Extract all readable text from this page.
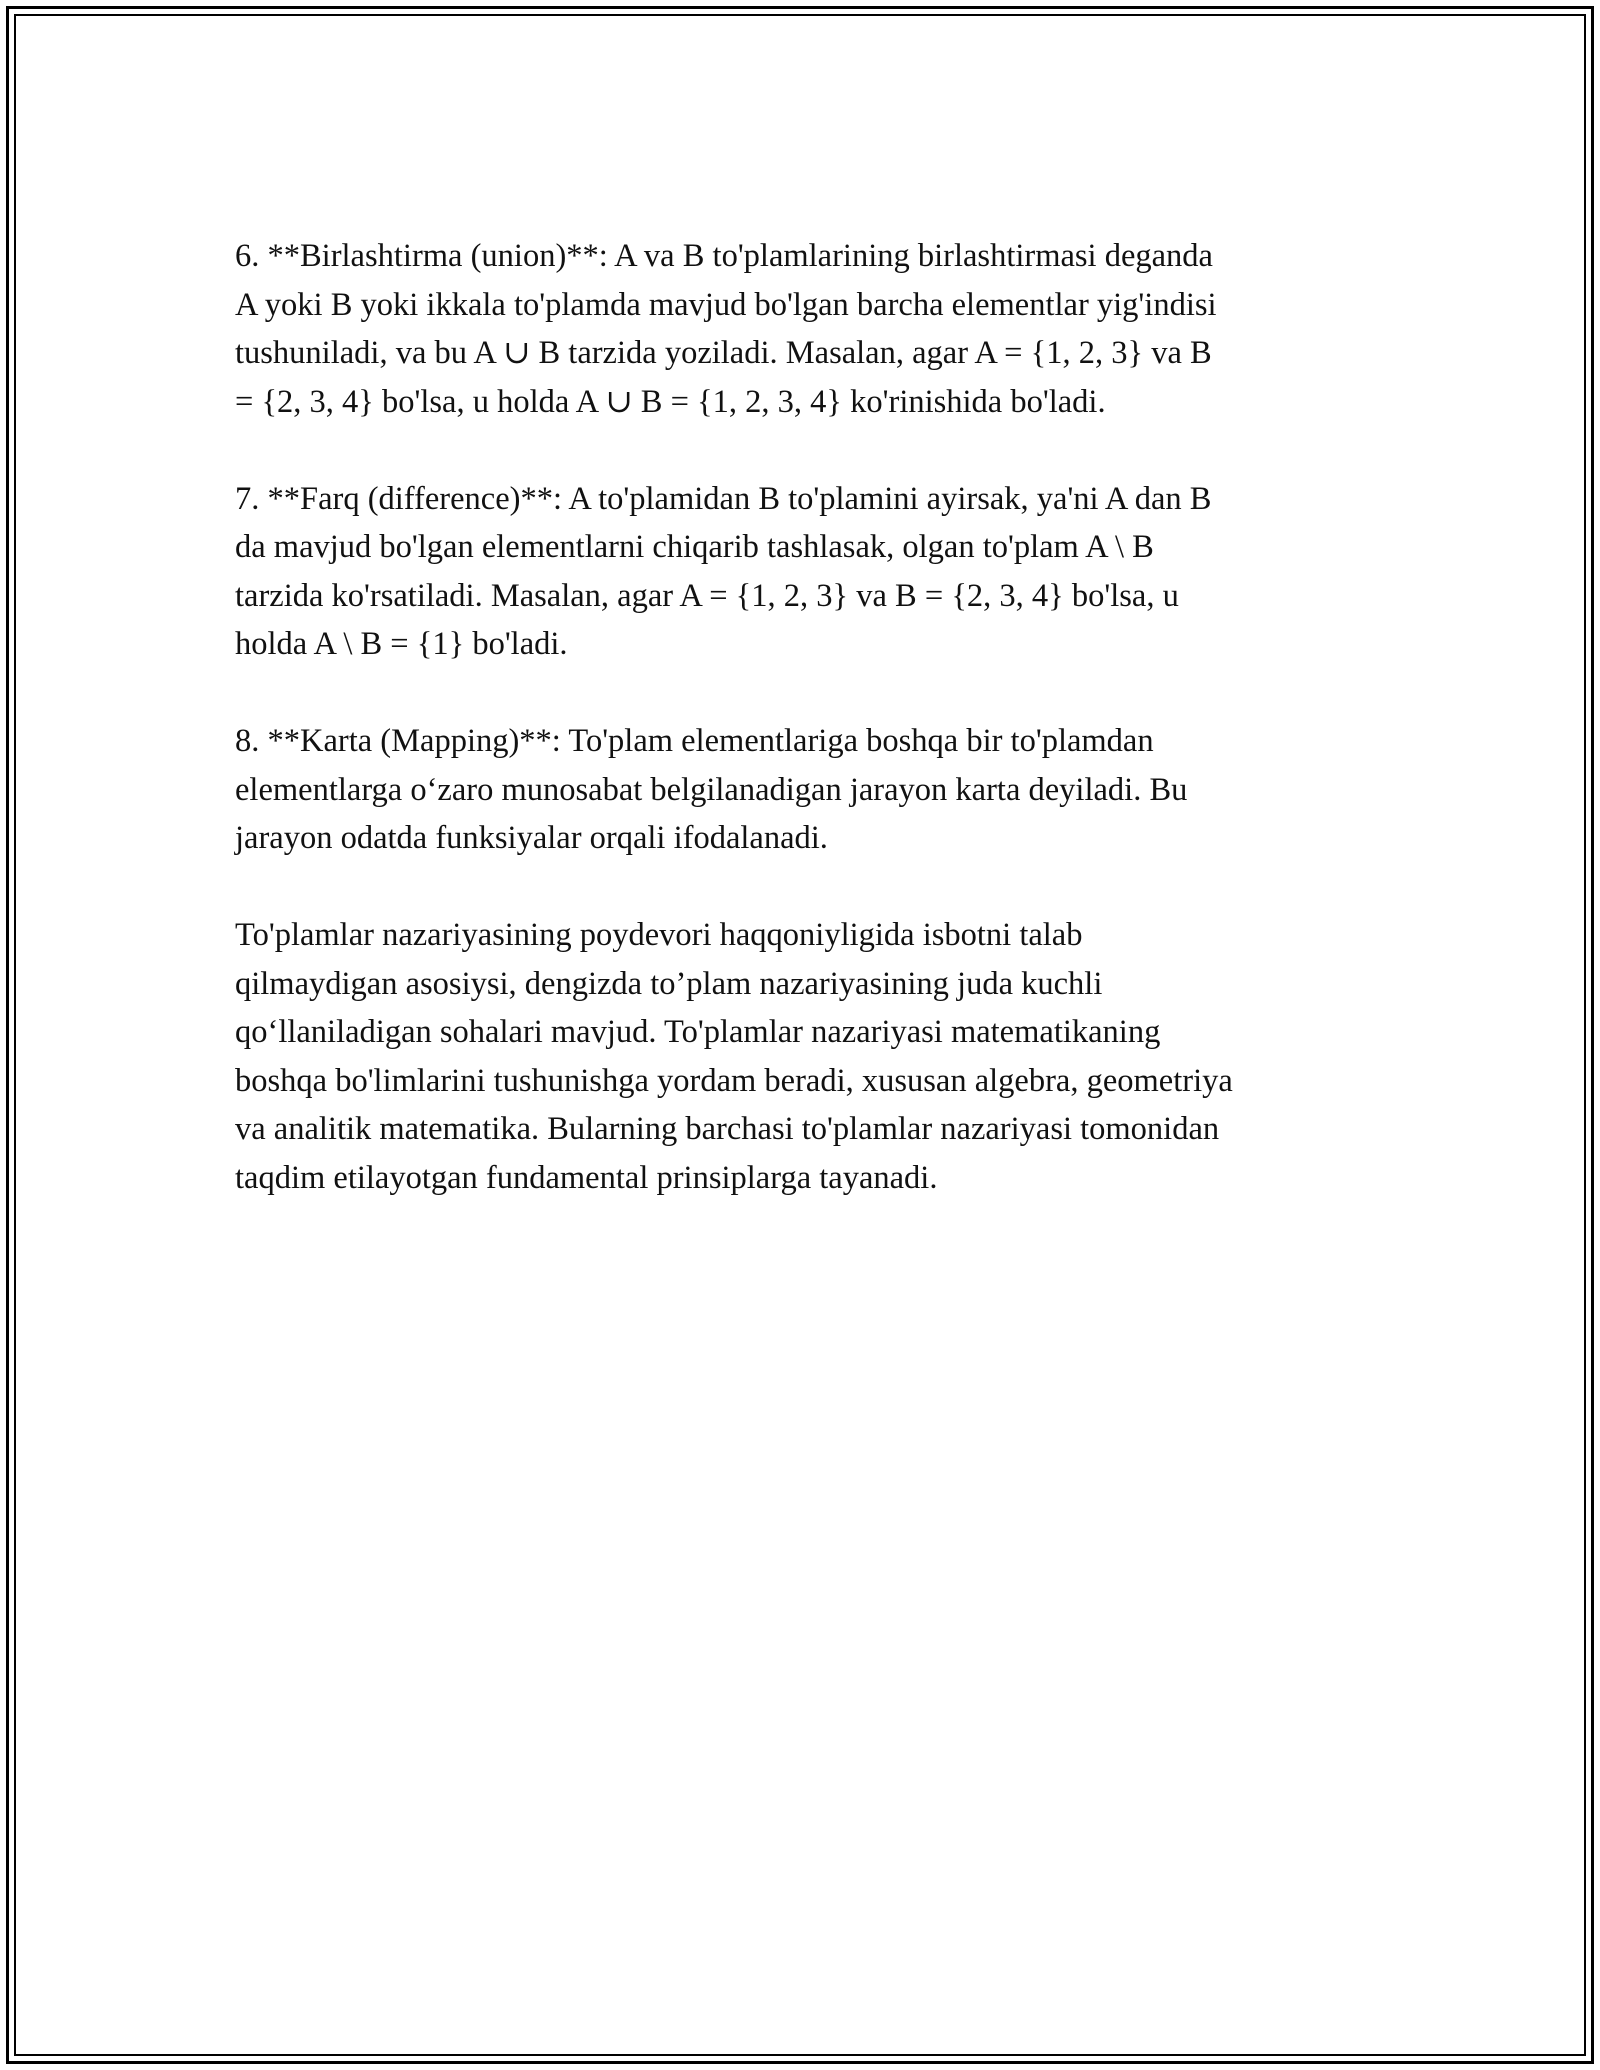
6. **Birlashtirma (union)**: A va B to'plamlarining birlashtirmasi deganda
A yoki B yoki ikkala to'plamda mavjud bo'lgan barcha elementlar yig'indisi
tushuniladi, va bu A ∪ B tarzida yoziladi. Masalan, agar A = {1, 2, 3} va B
= {2, 3, 4} bo'lsa, u holda A ∪ B = {1, 2, 3, 4} ko'rinishida bo'ladi.

7. **Farq (difference)**: A to'plamidan B to'plamini ayirsak, ya'ni A dan B
da mavjud bo'lgan elementlarni chiqarib tashlasak, olgan to'plam A \ B
tarzida ko'rsatiladi. Masalan, agar A = {1, 2, 3} va B = {2, 3, 4} bo'lsa, u
holda A \ B = {1} bo'ladi.

8. **Karta (Mapping)**: To'plam elementlariga boshqa bir to'plamdan
elementlarga o‘zaro munosabat belgilanadigan jarayon karta deyiladi. Bu
jarayon odatda funksiyalar orqali ifodalanadi.

To'plamlar nazariyasining poydevori haqqoniyligida isbotni talab
qilmaydigan asosiysi, dengizda to’plam nazariyasining juda kuchli
qo‘llaniladigan sohalari mavjud. To'plamlar nazariyasi matematikaning
boshqa bo'limlarini tushunishga yordam beradi, xususan algebra, geometriya
va analitik matematika. Bularning barchasi to'plamlar nazariyasi tomonidan
taqdim etilayotgan fundamental prinsiplarga tayanadi.
